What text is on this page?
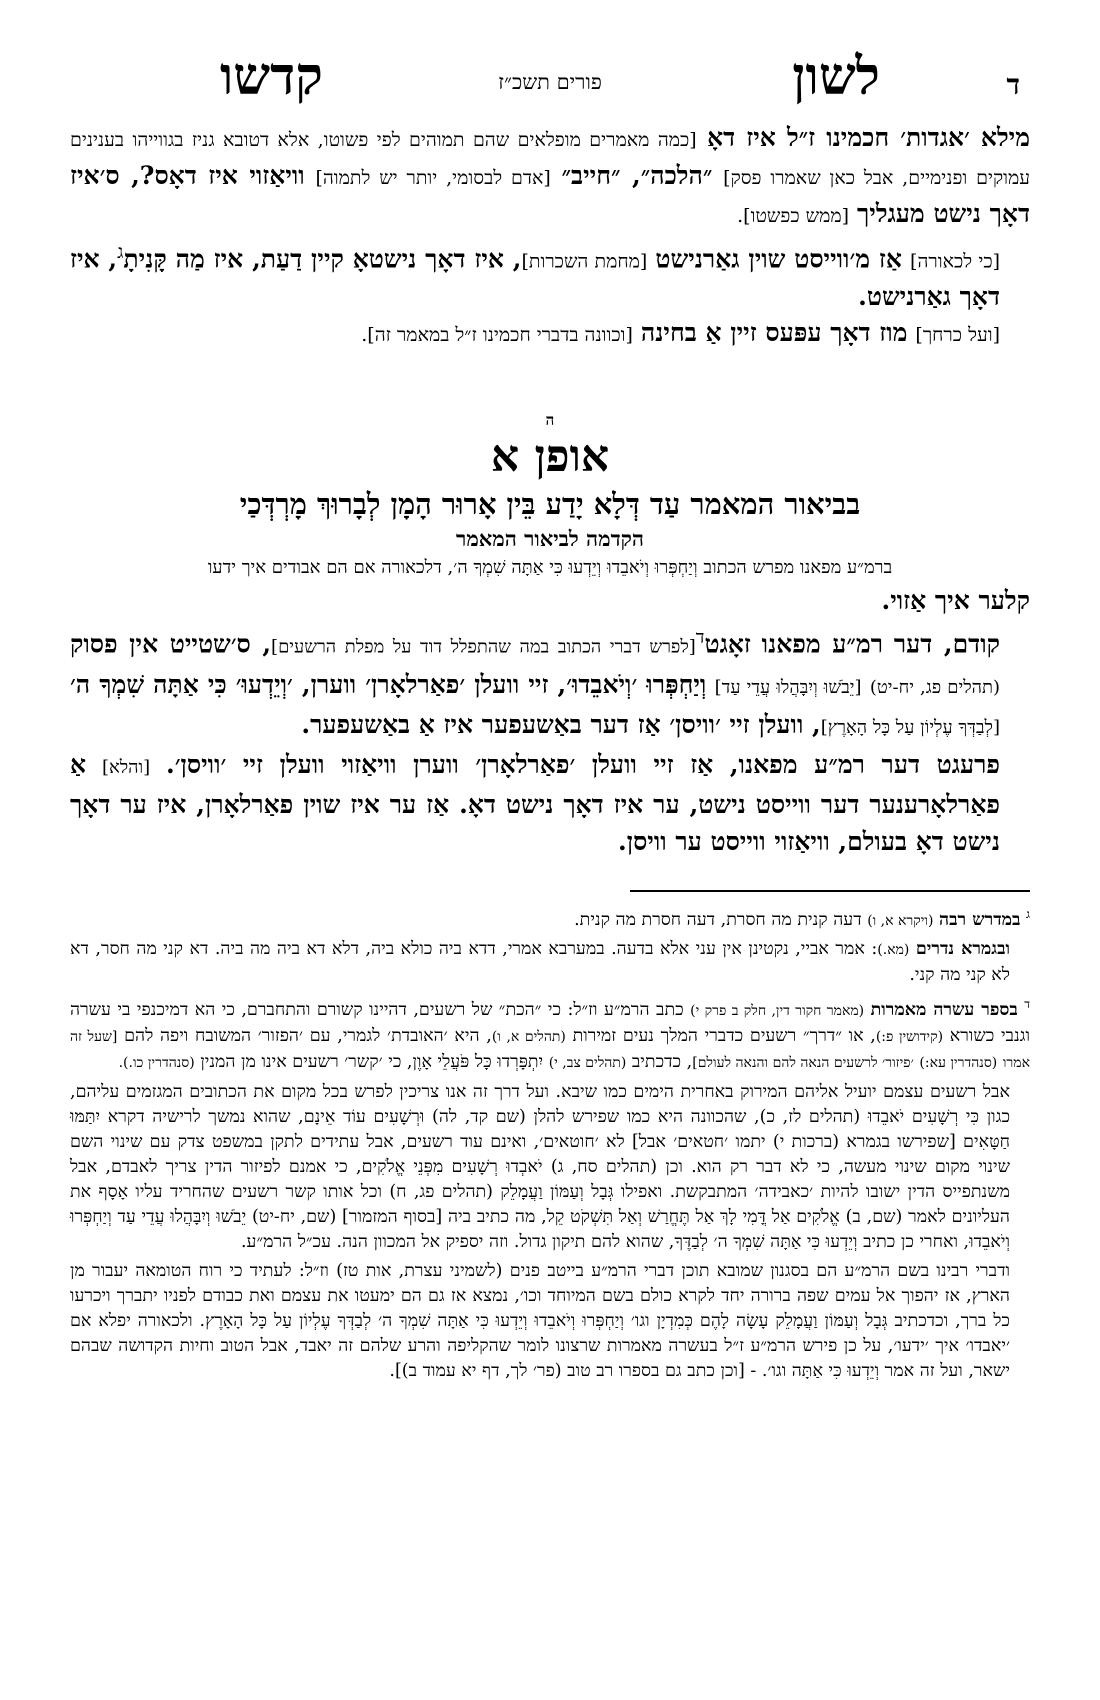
ד
לשון
פורים תשכ״ז
קדשו

מילא ׳אגדות׳ חכמינו ז״ל איז דאָ [כמה מאמרים מופלאים שהם תמוהים לפי פשוטו, אלא דטובא גניז בגווייהו בענינים עמוקים ופנימיים, אבל כאן שאמרו פסק] ״הלכה״, ״חייב״ [אדם לבסומי, יותר יש לתמוה] וויאַזוי איז דאָס?, ס׳איז דאָך נישט מעגליך [ממש כפשטו].

[כי לכאורה] אַז מ׳ווייסט שוין גאַרנישט [מחמת השכרות], איז דאָך נישטאָ קיין דַעַת, איז מַה קָּנִיתָ$^ג$, איז דאָך גאַרנישט.

[ועל כרחך] מוז דאָך עפּעס זיין אַ בחינה [וכוונה בדברי חכמינו ז״ל במאמר זה].

ה
אופן א
בביאור המאמר עַד דְּלָא יָדַע בֵּין אָרוּר הָמָן לְבָרוּךְ מָרְדְּכַי
הקדמה לביאור המאמר
ברמ״ע מפאנו מפרש הכתוב וְיַחְפְּרוּ וְיֹאבֵדוּ וְיֵדְעוּ כִּי אַתָּה שִׁמְךָ ה׳, דלכאורה אם הם אבודים איך ידעו

קלער איך אַזוי.

קודם, דער רמ״ע מפאנו זאָגט$^ד$[לפרש דברי הכתוב במה שהתפלל דוד על מפלת הרשעים], ס׳שטייט אין פסוק (תהלים פג, יח-יט) [יֵבֹשׁוּ וְיִבָּהֲלוּ עֲדֵי עַד] וְיַחְפְּרוּ ׳וְיֹאבֵדוּ׳, זיי וועלן ׳פאַרלאָרן׳ ווערן, ׳וְיֵדְעוּ׳ כִּי אַתָּה שִׁמְךָ ה׳ [לְבַדְּךָ עֶלְיוֹן עַל כָּל הָאָרֶץ], וועלן זיי ׳וויסן׳ אַז דער באַשעפער איז אַ באַשעפער.

פרעגט דער רמ״ע מפאנו, אַז זיי וועלן ׳פאַרלאָרן׳ ווערן וויאַזוי וועלן זיי ׳וויסן׳. [והלא] אַ פאַרלאָרענער דער ווייסט נישט, ער איז דאָך נישט דאָ. אַז ער איז שוין פאַרלאָרן, איז ער דאָך נישט דאָ בעולם, וויאַזוי ווייסט ער וויסן.

$^ג$ במדרש רבה (ויקרא א, ו) דעה קנית מה חסרת, דעה חסרת מה קנית.

ובגמרא נדרים (מא.): אמר אביי, נקטינן אין עני אלא בדעה. במערבא אמרי, דדא ביה כולא ביה, דלא דא ביה מה ביה. דא קני מה חסר, דא לא קני מה קני.

$^ד$ בספר עשרה מאמרות (מאמר חקור דין, חלק ב פרק י) כתב הרמ״ע וז״ל: כי ״הכת״ של רשעים, דהיינו קשורם והתחברם, כי הא דמיכנפי בי עשרה וגנבי כשורא (קידושין פ:), או ״דרך״ רשעים כדברי המלך נעים זמירות (תהלים א, ו), היא ׳האובדת׳ לגמרי, עם ׳הפזור׳ המשובח ויפה להם [שעל זה אמרו (סנהדרין עא:) ׳פיזור׳ לרשעים הנאה להם והנאה לעולם], כדכתיב (תהלים צב, י) יִתְפָּרְדוּ כָּל פֹּעֲלֵי אָוֶן, כי ׳קשר׳ רשעים אינו מן המנין (סנהדרין כו.).

אבל רשעים עצמם יועיל אליהם המירוק באחרית הימים כמו שיבא. ועל דרך זה אנו צריכין לפרש בכל מקום את הכתובים המגזמים עליהם, כגון כִּי רְשָׁעִים יֹאבֵדוּ (תהלים לז, כ), שהכוונה היא כמו שפירש להלן (שם קד, לה) וּרְשָׁעִים עוֹד אֵינָם, שהוא נמשך לרישיה דקרא יִתַּמּוּ חַטָּאִים [שפירשו בגמרא (ברכות י) יתמו ׳חטאים׳ אבל] לא ׳חוטאים׳, ואינם עוד רשעים, אבל עתידים לתקן במשפט צדק עם שינוי השם שינוי מקום שינוי מעשה, כי לא דבר רק הוא. וכן (תהלים סח, ג) יֹאבְדוּ רְשָׁעִים מִפְּנֵי אֱלֹקִים, כי אמנם לפיזור הדין צריך לאבדם, אבל משנתפייס הדין ישובו להיות ׳כאבידה׳ המתבקשת. ואפילו גְּבָל וְעַמּוֹן וַעֲמָלֵק (תהלים פג, ח) וכל אותו קשר רשעים שהחריד עליו אָסָף את העליונים לאמר (שם, ב) אֱלֹקִים אַל דֳּמִי לָךְ אַל תֶּחֱרַשׁ וְאַל תִּשְׁקֹט קֵל, מה כתיב ביה [בסוף המזמור] (שם, יח-יט) יֵבֹשׁוּ וְיִבָּהֲלוּ עֲדֵי עַד וְיַחְפְּרוּ וְיֹאבֵדוּ, ואחרי כן כתיב וְיֵדְעוּ כִּי אַתָּה שִׁמְךָ ה׳ לְבַדֶּךָ, שהוא להם תיקון גדול. וזה יספיק אל המכוון הנה. עכ״ל הרמ״ע.

ודברי רבינו בשם הרמ״ע הם בסגנון שמובא תוכן דברי הרמ״ע בייטב פנים (לשמיני עצרת, אות טז) וז״ל: לעתיד כי רוח הטומאה יעבור מן הארץ, אז יהפוך אל עמים שפה ברורה יחד לקרא כולם בשם המיוחד וכו׳, נמצא אז גם הם ימעטו את עצמם ואת כבודם לפניו יתברך ויכרעו כל ברך, וכדכתיב גְּבָל וְעַמּוֹן וַעֲמָלֵק עָשָׂה לָהֶם כְּמִדְיָן וגו׳ וְיַחְפְּרוּ וְיֹאבֵדוּ וְיֵדְעוּ כִּי אַתָּה שִׁמְךָ ה׳ לְבַדְּךָ עֶלְיוֹן עַל כָּל הָאָרֶץ. ולכאורה יפלא אם ׳יאבדו׳ איך ׳ידעו׳, על כן פירש הרמ״ע ז״ל בעשרה מאמרות שרצונו לומר שהקליפה והרע שלהם זה יאבד, אבל הטוב וחיות הקדושה שבהם ישאר, ועל זה אמר וְיֵדְעוּ כִּי אַתָּה וגו׳. - [וכן כתב גם בספרו רב טוב (פר׳ לך, דף יא עמוד ב)].
